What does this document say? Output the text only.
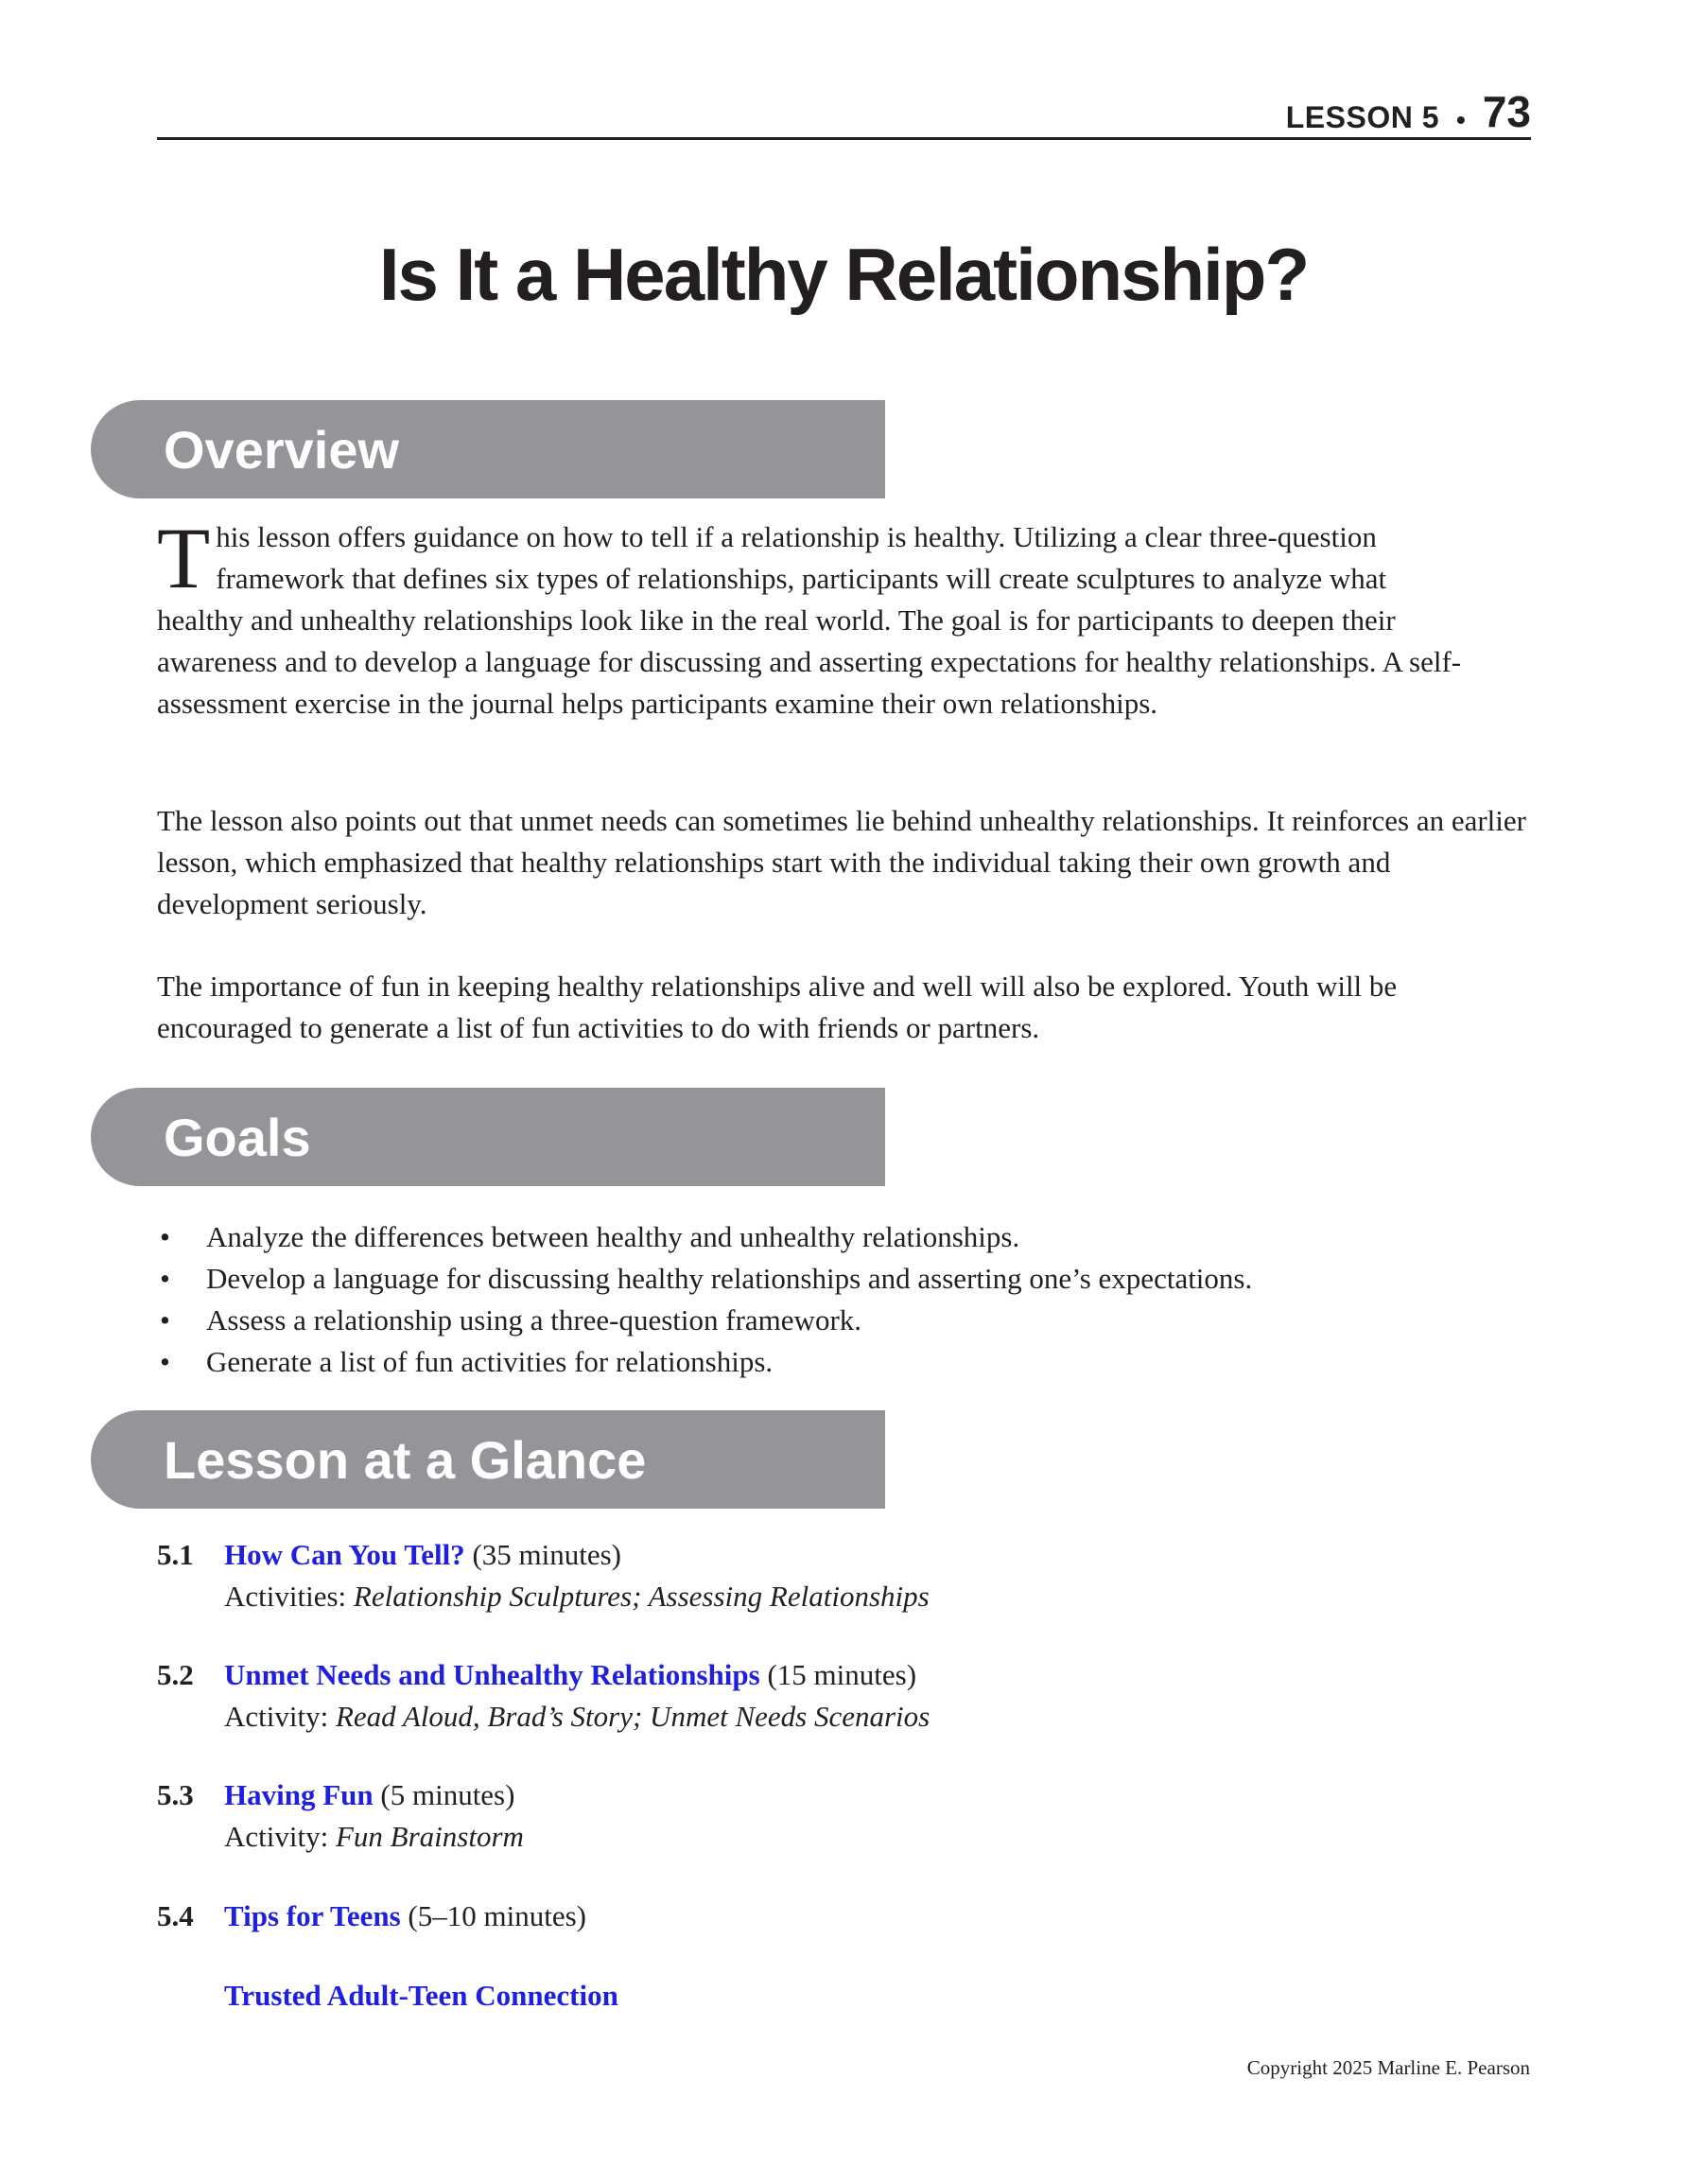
LESSON 5 • 73
Is It a Healthy Relationship?
Overview

This lesson offers guidance on how to tell if a relationship is healthy. Utilizing a clear three-question framework that defines six types of relationships, participants will create sculptures to analyze what healthy and unhealthy relationships look like in the real world. The goal is for participants to deepen their awareness and to develop a language for discussing and asserting expectations for healthy relationships. A self-assessment exercise in the journal helps participants examine their own relationships.

The lesson also points out that unmet needs can sometimes lie behind unhealthy relationships. It reinforces an earlier lesson, which emphasized that healthy relationships start with the individual taking their own growth and development seriously.

The importance of fun in keeping healthy relationships alive and well will also be explored. Youth will be encouraged to generate a list of fun activities to do with friends or partners.

Goals
• Analyze the differences between healthy and unhealthy relationships.
• Develop a language for discussing healthy relationships and asserting one’s expectations.
• Assess a relationship using a three-question framework.
• Generate a list of fun activities for relationships.
Lesson at a Glance
5.1 How Can You Tell? (35 minutes)
Activities: Relationship Sculptures; Assessing Relationships
5.2 Unmet Needs and Unhealthy Relationships (15 minutes)
Activity: Read Aloud, Brad’s Story; Unmet Needs Scenarios
5.3 Having Fun (5 minutes)
Activity: Fun Brainstorm
5.4 Tips for Teens (5–10 minutes)
Trusted Adult-Teen Connection
Copyright 2025 Marline E. Pearson
